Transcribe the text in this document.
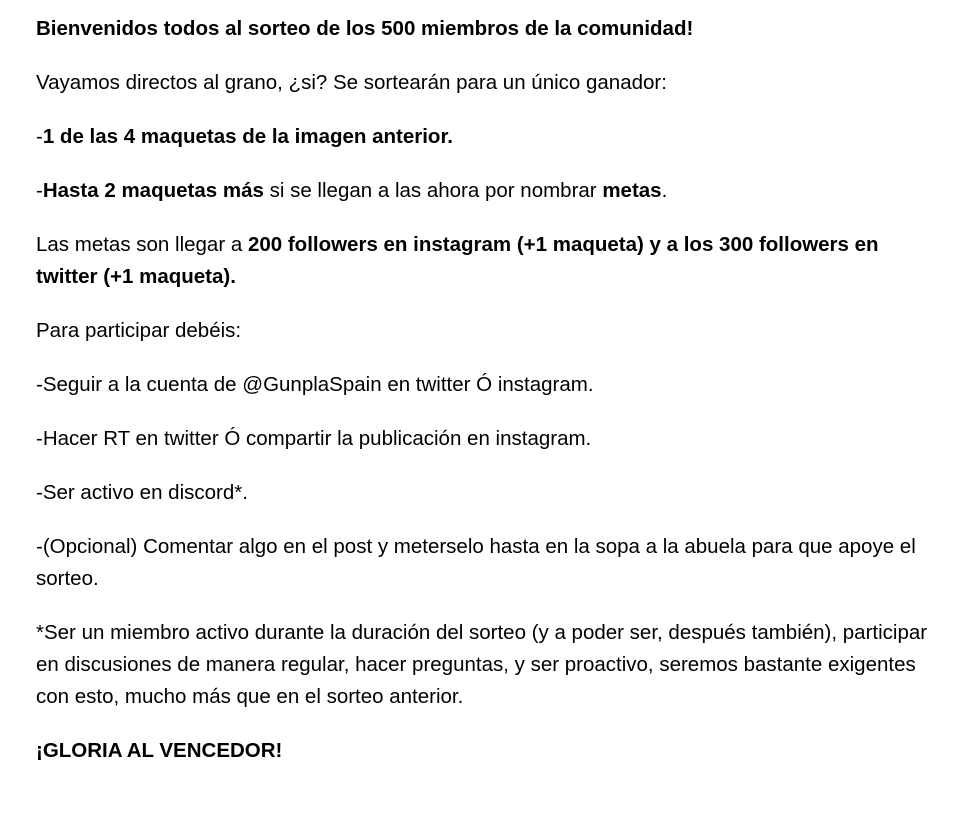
Bienvenidos todos al sorteo de los 500 miembros de la comunidad!

Vayamos directos al grano, ¿si? Se sortearán para un único ganador:

-1 de las 4 maquetas de la imagen anterior.

-Hasta 2 maquetas más si se llegan a las ahora por nombrar metas.

Las metas son llegar a 200 followers en instagram (+1 maqueta) y a los 300 followers en twitter (+1 maqueta).

Para participar debéis:

-Seguir a la cuenta de @GunplaSpain en twitter Ó instagram.

-Hacer RT en twitter Ó compartir la publicación en instagram.

-Ser activo en discord*.

-(Opcional) Comentar algo en el post y meterselo hasta en la sopa a la abuela para que apoye el sorteo.

*Ser un miembro activo durante la duración del sorteo (y a poder ser, después también), participar en discusiones de manera regular, hacer preguntas, y ser proactivo, seremos bastante exigentes con esto, mucho más que en el sorteo anterior.

¡GLORIA AL VENCEDOR!
